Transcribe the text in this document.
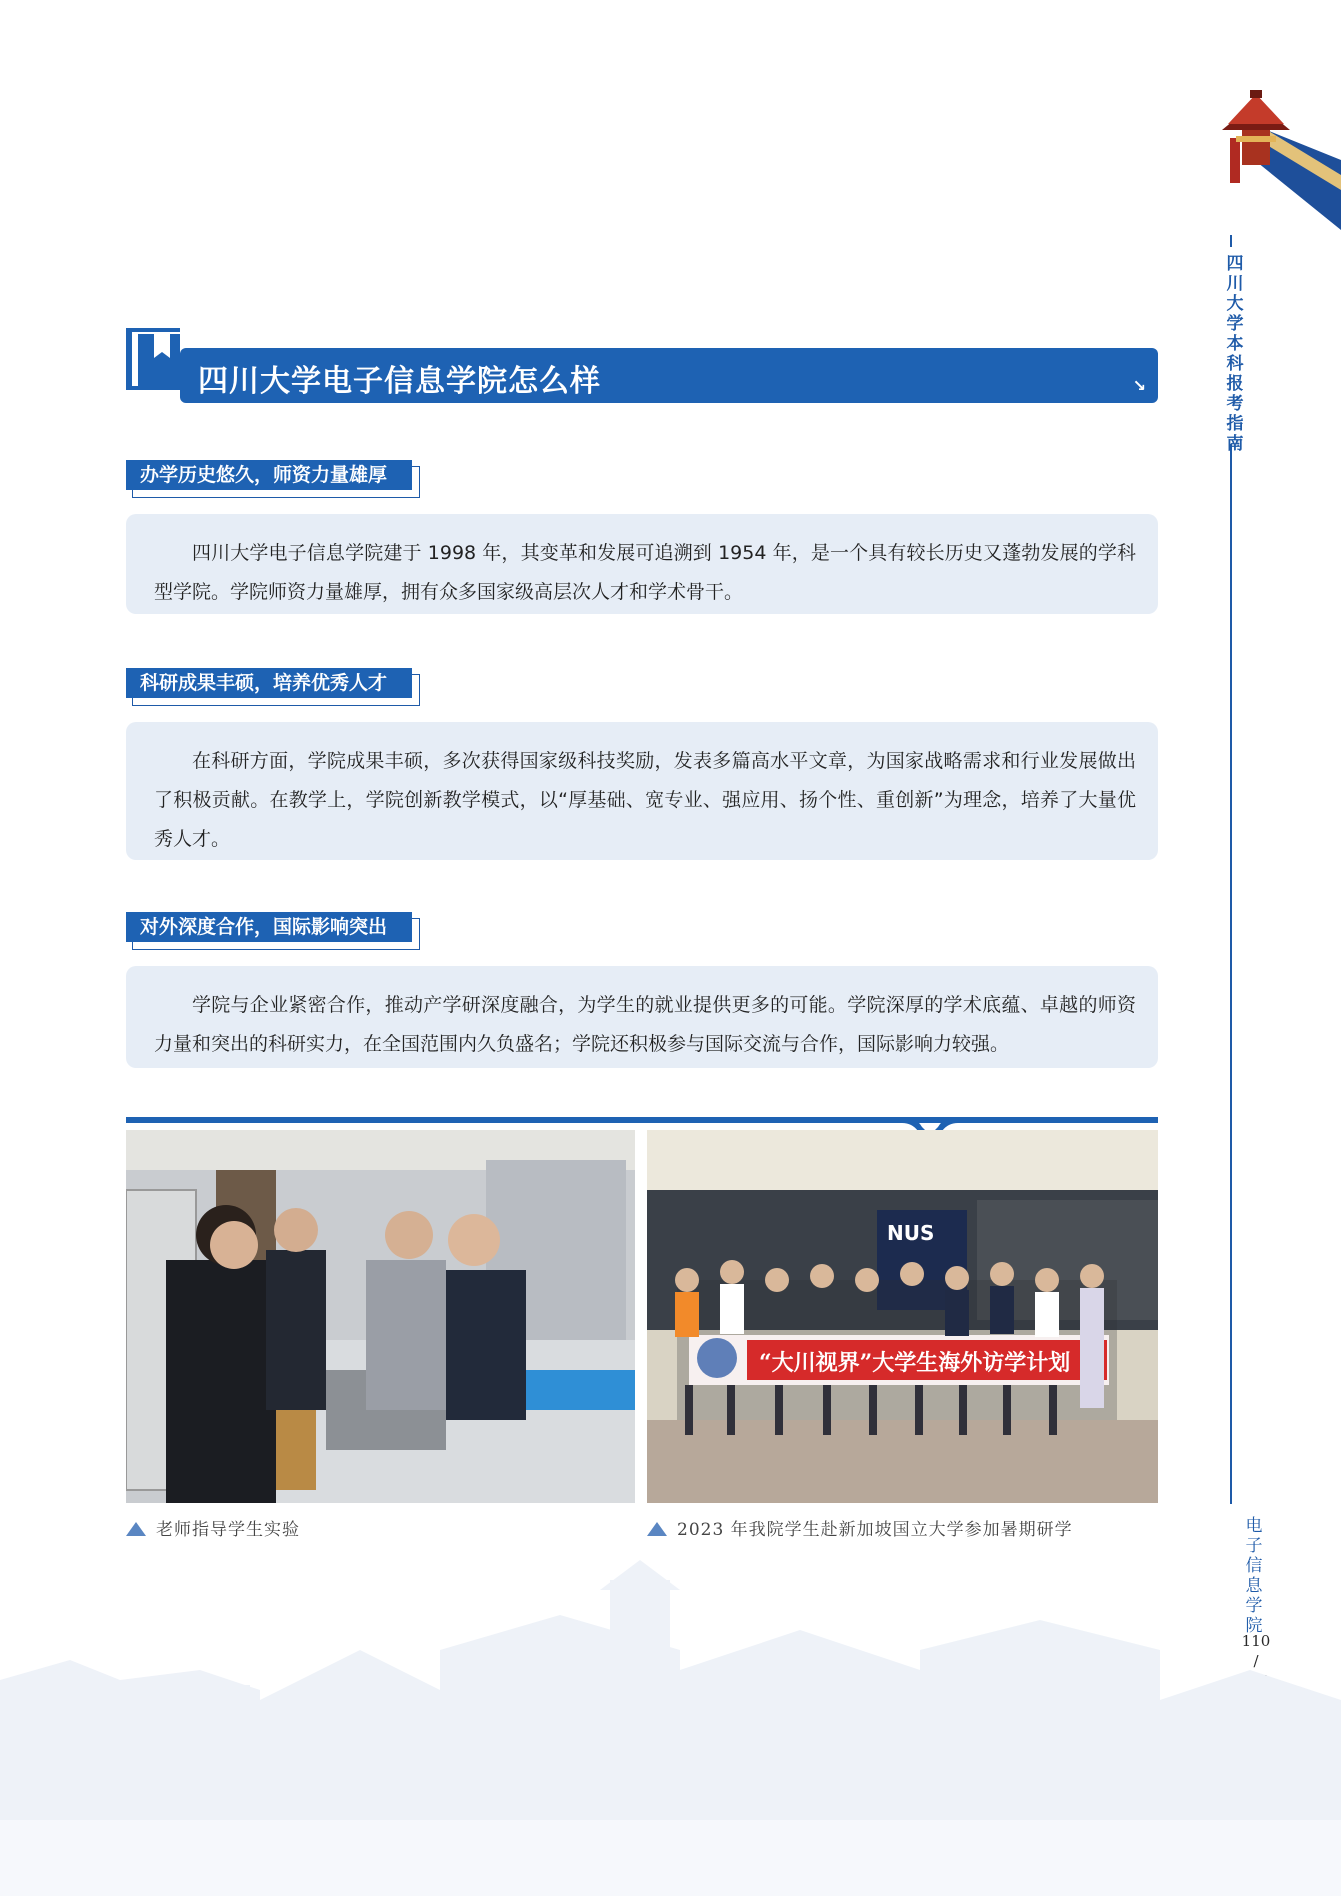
四
川
大
学
本
科
报
考
指
南
电
子
信
息
学
院
110
/
四川大学电子信息学院怎么样	↘
办学历史悠久，师资力量雄厚
四川大学电子信息学院建于 1998 年，其变革和发展可追溯到 1954 年，是一个具有较长历史又蓬勃发展的学科型学院。学院师资力量雄厚，拥有众多国家级高层次人才和学术骨干。
科研成果丰硕，培养优秀人才
在科研方面，学院成果丰硕，多次获得国家级科技奖励，发表多篇高水平文章，为国家战略需求和行业发展做出了积极贡献。在教学上，学院创新教学模式，以“厚基础、宽专业、强应用、扬个性、重创新”为理念，培养了大量优秀人才。
对外深度合作，国际影响突出
学院与企业紧密合作，推动产学研深度融合，为学生的就业提供更多的可能。学院深厚的学术底蕴、卓越的师资力量和突出的科研实力，在全国范围内久负盛名；学院还积极参与国际交流与合作，国际影响力较强。
老师指导学生实验
NUS
“大川视界”大学生海外访学计划
2023 年我院学生赴新加坡国立大学参加暑期研学
